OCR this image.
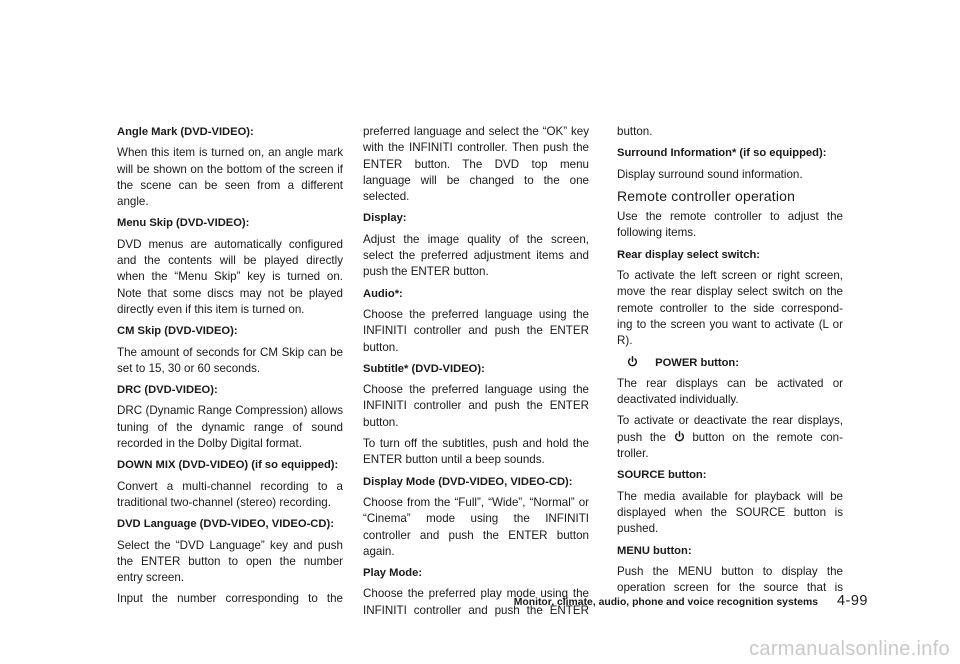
Angle Mark (DVD-VIDEO):

When this item is turned on, an angle mark will be shown on the bottom of the screen if the scene can be seen from a different angle.

Menu Skip (DVD-VIDEO):

DVD menus are automatically configured and the contents will be played directly when the “Menu Skip” key is turned on. Note that some discs may not be played directly even if this item is turned on.

CM Skip (DVD-VIDEO):

The amount of seconds for CM Skip can be set to 15, 30 or 60 seconds.

DRC (DVD-VIDEO):

DRC (Dynamic Range Compression) allows tuning of the dynamic range of sound recorded in the Dolby Digital format.

DOWN MIX (DVD-VIDEO) (if so equipped):

Convert a multi-channel recording to a traditional two-channel (stereo) recording.

DVD Language (DVD-VIDEO, VIDEO-CD):

Select the “DVD Language” key and push the ENTER button to open the number entry screen.

Input the number corresponding to the

preferred language and select the “OK” key with the INFINITI controller. Then push the ENTER button. The DVD top menu language will be changed to the one selected.

Display:

Adjust the image quality of the screen, select the preferred adjustment items and push the ENTER button.

Audio*:

Choose the preferred language using the INFINITI controller and push the ENTER button.

Subtitle* (DVD-VIDEO):

Choose the preferred language using the INFINITI controller and push the ENTER button.

To turn off the subtitles, push and hold the ENTER button until a beep sounds.

Display Mode (DVD-VIDEO, VIDEO-CD):

Choose from the “Full”, “Wide”, “Normal” or “Cinema” mode using the INFINITI controller and push the ENTER button again.

Play Mode:

Choose the preferred play mode using the INFINITI controller and push the ENTER

button.

Surround Information* (if so equipped):

Display surround sound information.

Remote controller operation

Use the remote controller to adjust the following items.

Rear display select switch:

To activate the left screen or right screen, move the rear display select switch on the remote controller to the side correspond- ing to the screen you want to activate (L or R).

POWER button:

The rear displays can be activated or deactivated individually.

To activate or deactivate the rear displays, push the button on the remote con- troller.

SOURCE button:

The media available for playback will be displayed when the SOURCE button is pushed.

MENU button:

Push the MENU button to display the operation screen for the source that is

Monitor, climate, audio, phone and voice recognition systems 4-99
carmanualsonline.info
